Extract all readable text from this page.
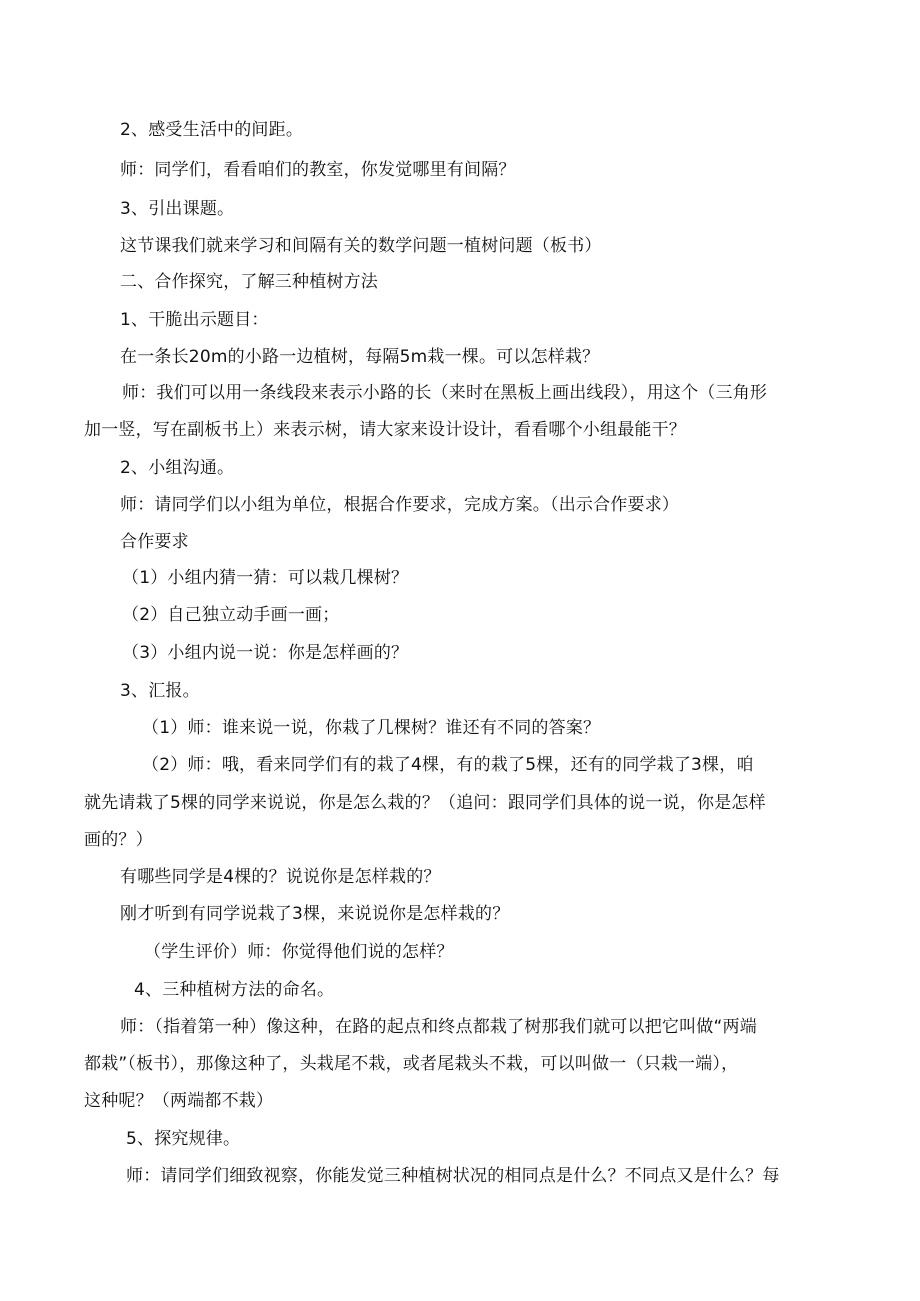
2、感受生活中的间距。
师：同学们，看看咱们的教室，你发觉哪里有间隔？
3、引出课题。
这节课我们就来学习和间隔有关的数学问题一植树问题（板书）
二、合作探究，了解三种植树方法
1、干脆出示题目：
在一条长20m的小路一边植树，每隔5m栽一棵。可以怎样栽？
师：我们可以用一条线段来表示小路的长（来时在黑板上画出线段），用这个（三角形
加一竖，写在副板书上）来表示树，请大家来设计设计，看看哪个小组最能干？
2、小组沟通。
师：请同学们以小组为单位，根据合作要求，完成方案。（出示合作要求）
合作要求
（1）小组内猜一猜：可以栽几棵树？
（2）自己独立动手画一画；
（3）小组内说一说：你是怎样画的？
3、汇报。
（1）师：谁来说一说，你栽了几棵树？谁还有不同的答案？
（2）师：哦，看来同学们有的栽了4棵，有的栽了5棵，还有的同学栽了3棵，咱
就先请栽了5棵的同学来说说，你是怎么栽的？（追问：跟同学们具体的说一说，你是怎样
画的？）
有哪些同学是4棵的？说说你是怎样栽的？
刚才听到有同学说栽了3棵，来说说你是怎样栽的？
（学生评价）师：你觉得他们说的怎样？
4、三种植树方法的命名。
师：（指着第一种）像这种，在路的起点和终点都栽了树那我们就可以把它叫做“两端
都栽”（板书），那像这种了，头栽尾不栽，或者尾栽头不栽，可以叫做一（只栽一端），
这种呢？（两端都不栽）
5、探究规律。
师：请同学们细致视察，你能发觉三种植树状况的相同点是什么？不同点又是什么？每
